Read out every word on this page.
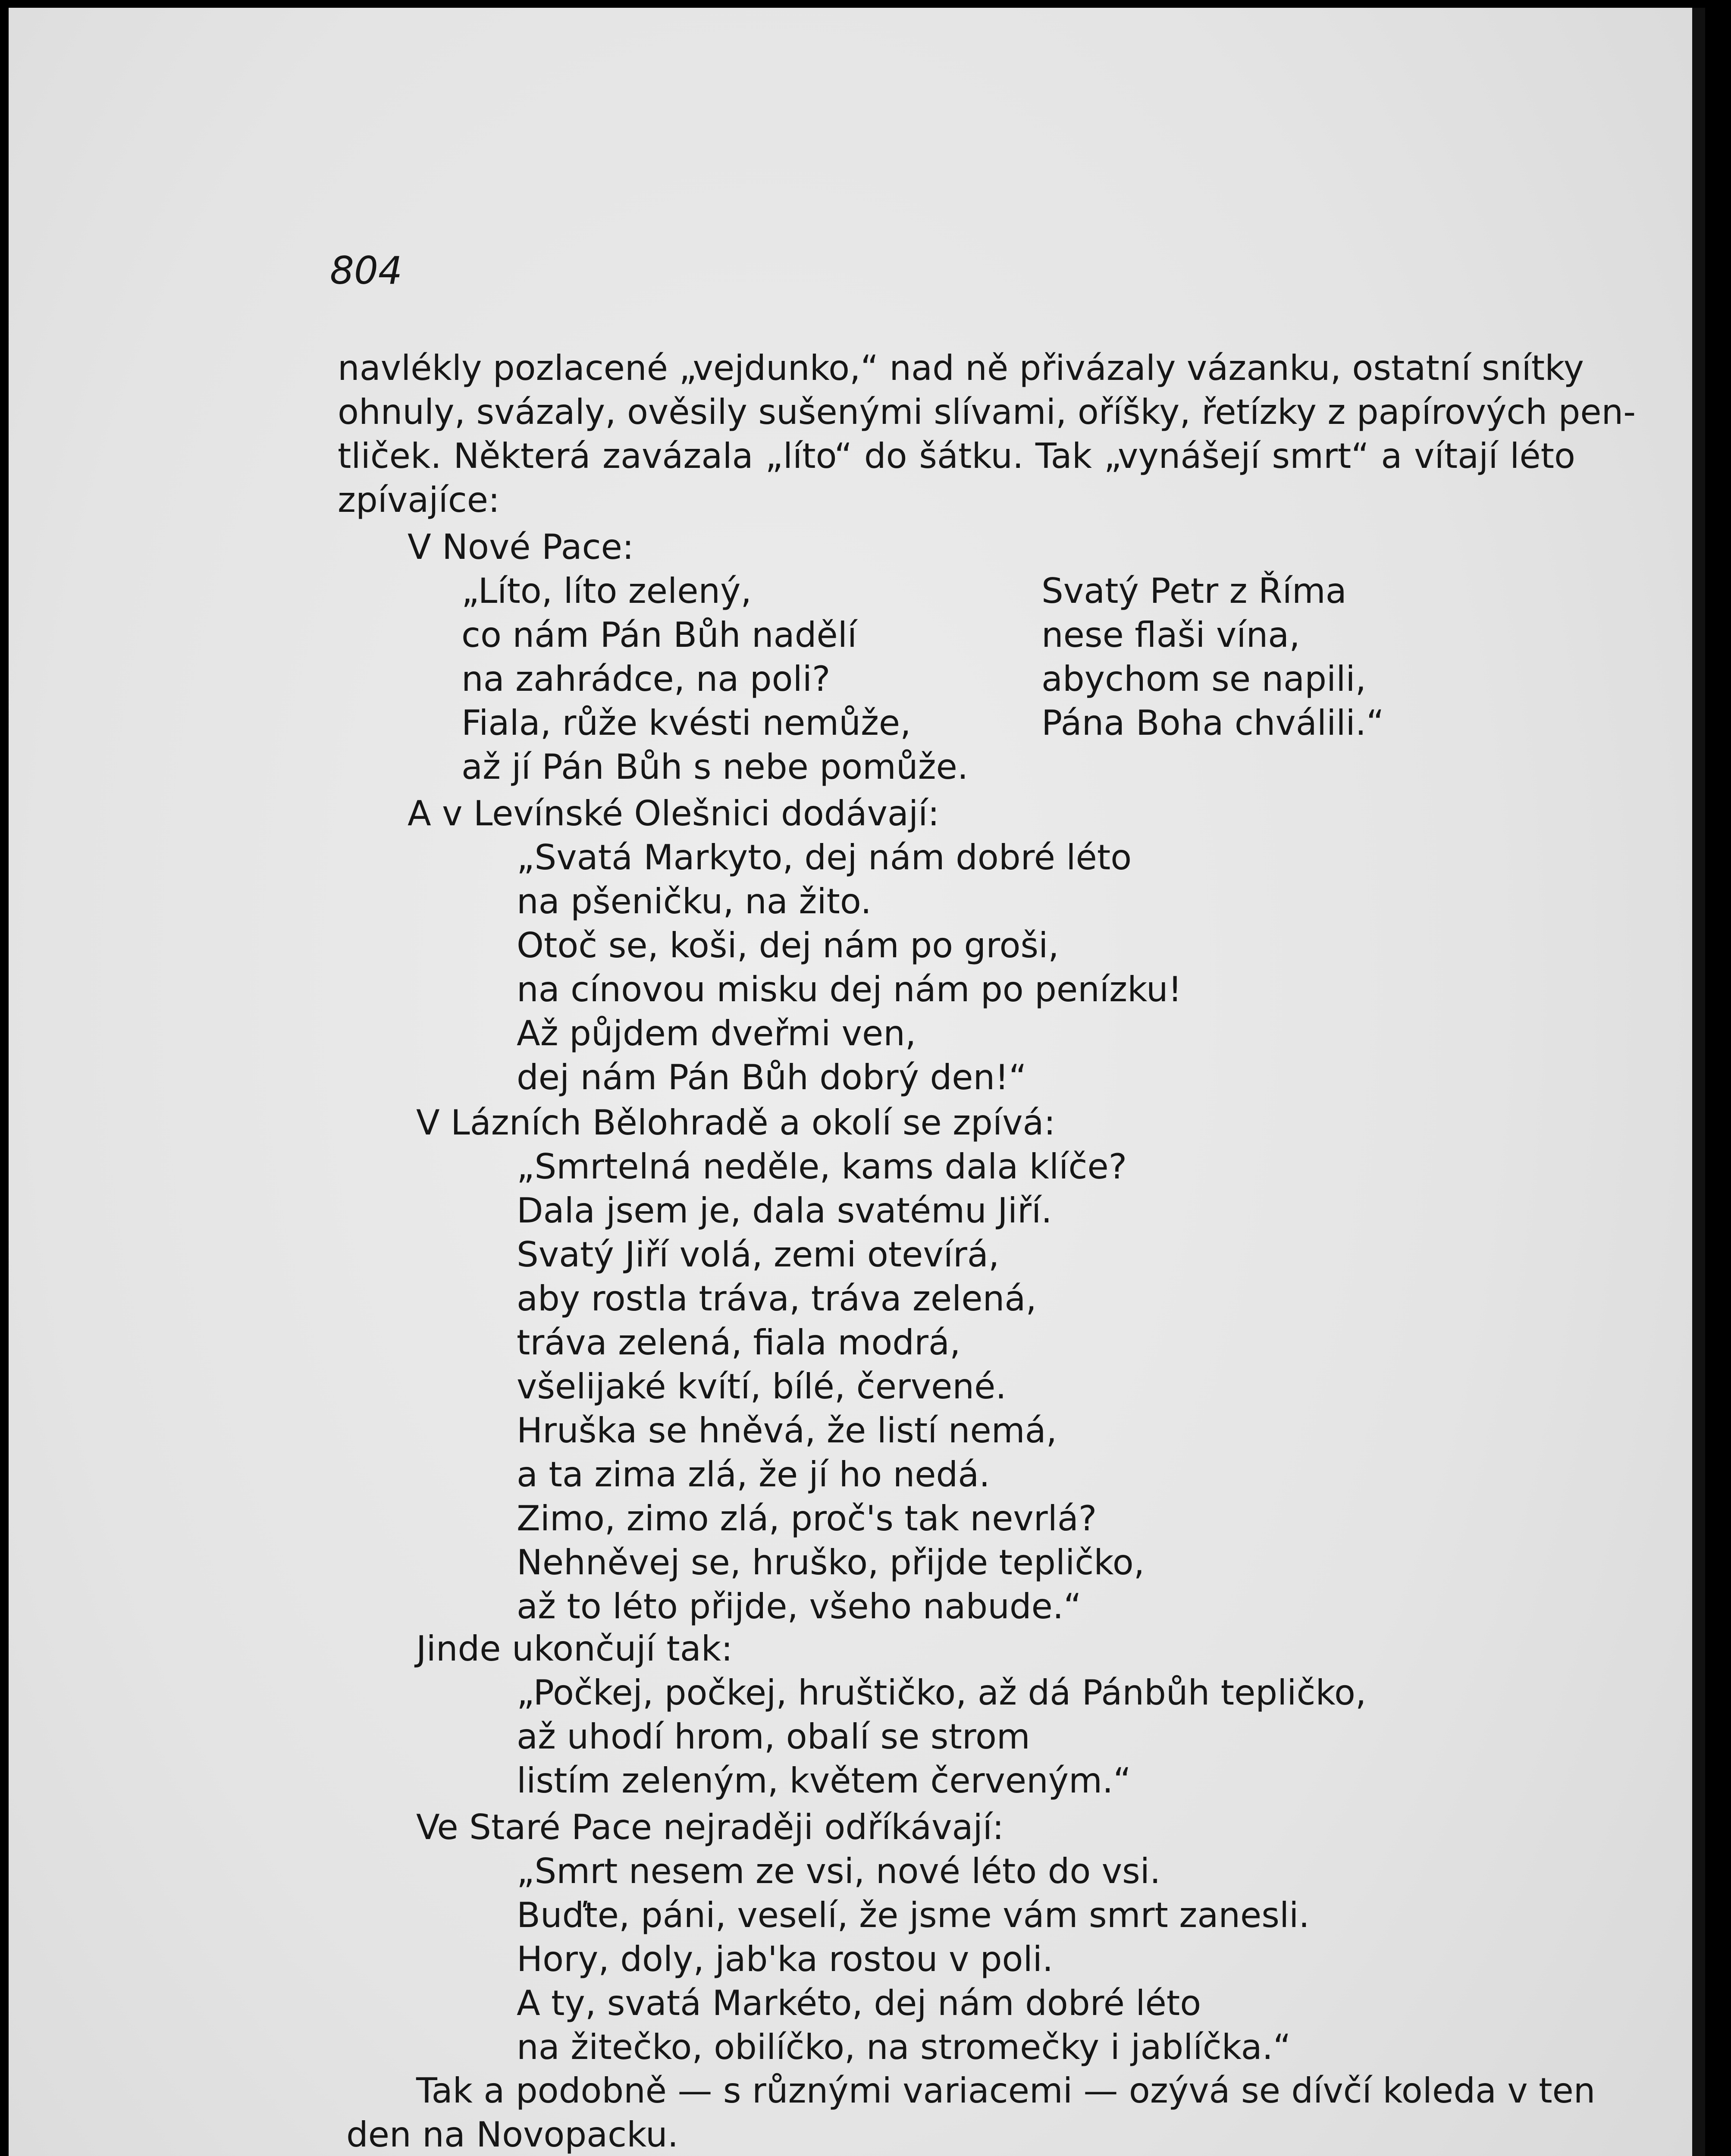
804
navlékly pozlacené „vejdunko,“ nad ně přivázaly vázanku, ostatní snítky
ohnuly, svázaly, ověsily sušenými slívami, oříšky, řetízky z papírových pen-
tliček. Některá zavázala „líto“ do šátku. Tak „vynášejí smrt“ a vítají léto
zpívajíce:
V Nové Pace:
„Líto, líto zelený,
co nám Pán Bůh nadělí
na zahrádce, na poli?
Fiala, růže kvésti nemůže,
až jí Pán Bůh s nebe pomůže.
Svatý Petr z Říma
nese flaši vína,
abychom se napili,
Pána Boha chválili.“
A v Levínské Olešnici dodávají:
„Svatá Markyto, dej nám dobré léto
na pšeničku, na žito.
Otoč se, koši, dej nám po groši,
na cínovou misku dej nám po penízku!
Až půjdem dveřmi ven,
dej nám Pán Bůh dobrý den!“
V Lázních Bělohradě a okolí se zpívá:
„Smrtelná neděle, kams dala klíče?
Dala jsem je, dala svatému Jiří.
Svatý Jiří volá, zemi otevírá,
aby rostla tráva, tráva zelená,
tráva zelená, fiala modrá,
všelijaké kvítí, bílé, červené.
Hruška se hněvá, že listí nemá,
a ta zima zlá, že jí ho nedá.
Zimo, zimo zlá, proč's tak nevrlá?
Nehněvej se, hruško, přijde tepličko,
až to léto přijde, všeho nabude.“
Jinde ukončují tak:
„Počkej, počkej, hruštičko, až dá Pánbůh tepličko,
až uhodí hrom, obalí se strom
listím zeleným, květem červeným.“
Ve Staré Pace nejraději odříkávají:
„Smrt nesem ze vsi, nové léto do vsi.
Buďte, páni, veselí, že jsme vám smrt zanesli.
Hory, doly, jab'ka rostou v poli.
A ty, svatá Markéto, dej nám dobré léto
na žitečko, obilíčko, na stromečky i jablíčka.“
Tak a podobně — s různými variacemi — ozývá se dívčí koleda v ten
den na Novopacku.
